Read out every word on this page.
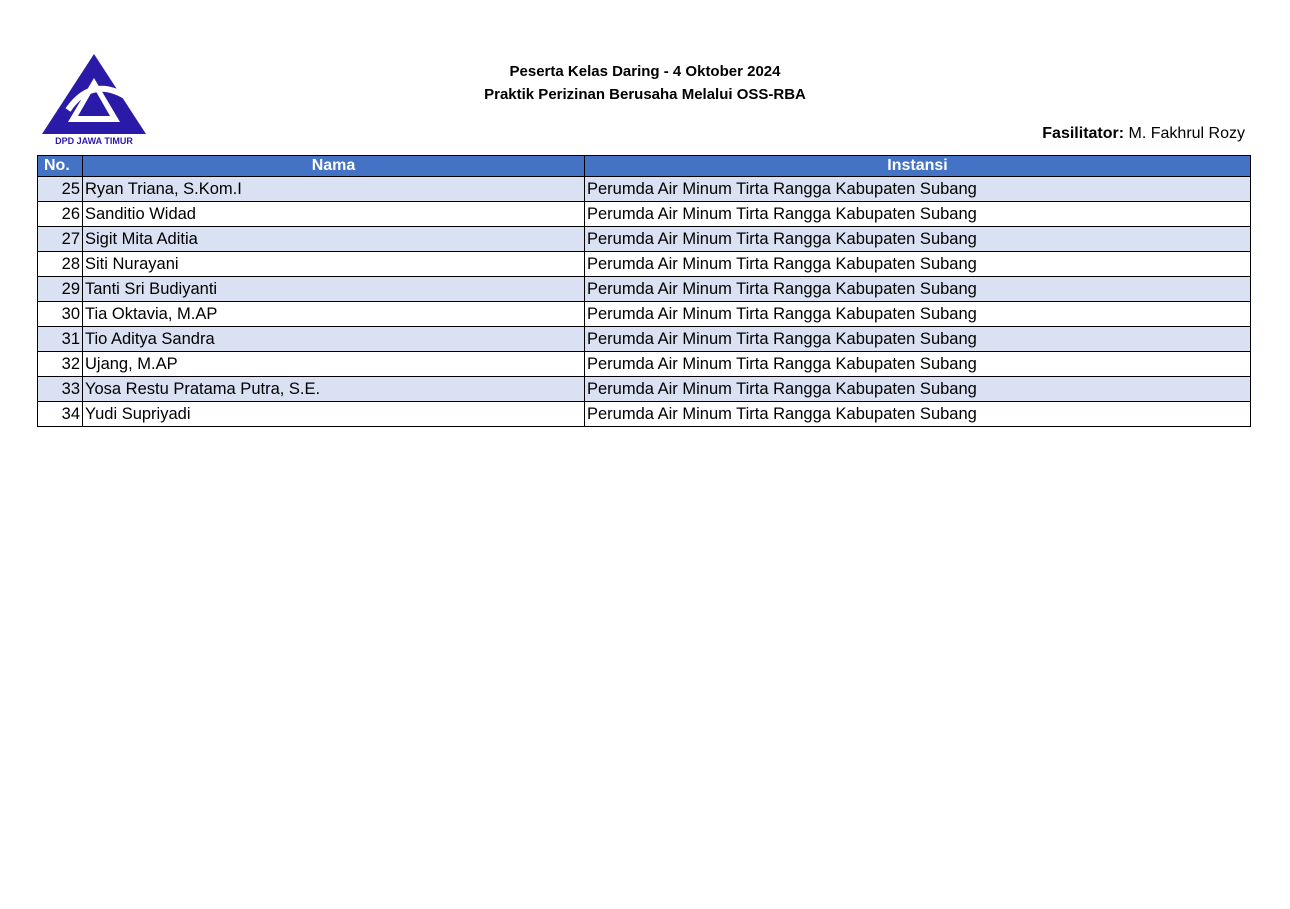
DPD JAWA TIMUR
Peserta Kelas Daring - 4 Oktober 2024
Praktik Perizinan Berusaha Melalui OSS-RBA
Fasilitator: M. Fakhrul Rozy
No.	Nama	Instansi
25	Ryan Triana, S.Kom.I	Perumda Air Minum Tirta Rangga Kabupaten Subang
26	Sanditio Widad	Perumda Air Minum Tirta Rangga Kabupaten Subang
27	Sigit Mita Aditia	Perumda Air Minum Tirta Rangga Kabupaten Subang
28	Siti Nurayani	Perumda Air Minum Tirta Rangga Kabupaten Subang
29	Tanti Sri Budiyanti	Perumda Air Minum Tirta Rangga Kabupaten Subang
30	Tia Oktavia, M.AP	Perumda Air Minum Tirta Rangga Kabupaten Subang
31	Tio Aditya Sandra	Perumda Air Minum Tirta Rangga Kabupaten Subang
32	Ujang, M.AP	Perumda Air Minum Tirta Rangga Kabupaten Subang
33	Yosa Restu Pratama Putra, S.E.	Perumda Air Minum Tirta Rangga Kabupaten Subang
34	Yudi Supriyadi	Perumda Air Minum Tirta Rangga Kabupaten Subang
